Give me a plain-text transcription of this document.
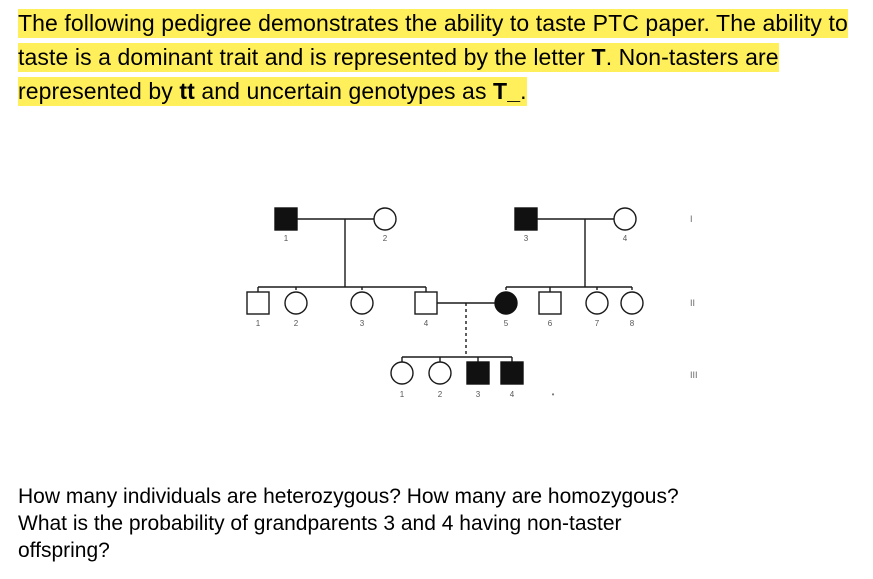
The following pedigree demonstrates the ability to taste PTC paper. The ability to taste is a dominant trait and is represented by the letter T. Non-tasters are represented by tt and uncertain genotypes as T_.
1	2	3	4
1	2	3	4	5	6	7	8
1	2	3	4	•
I
II
III
How many individuals are heterozygous? How many are homozygous?
What is the probability of grandparents 3 and 4 having non-taster
offspring?
